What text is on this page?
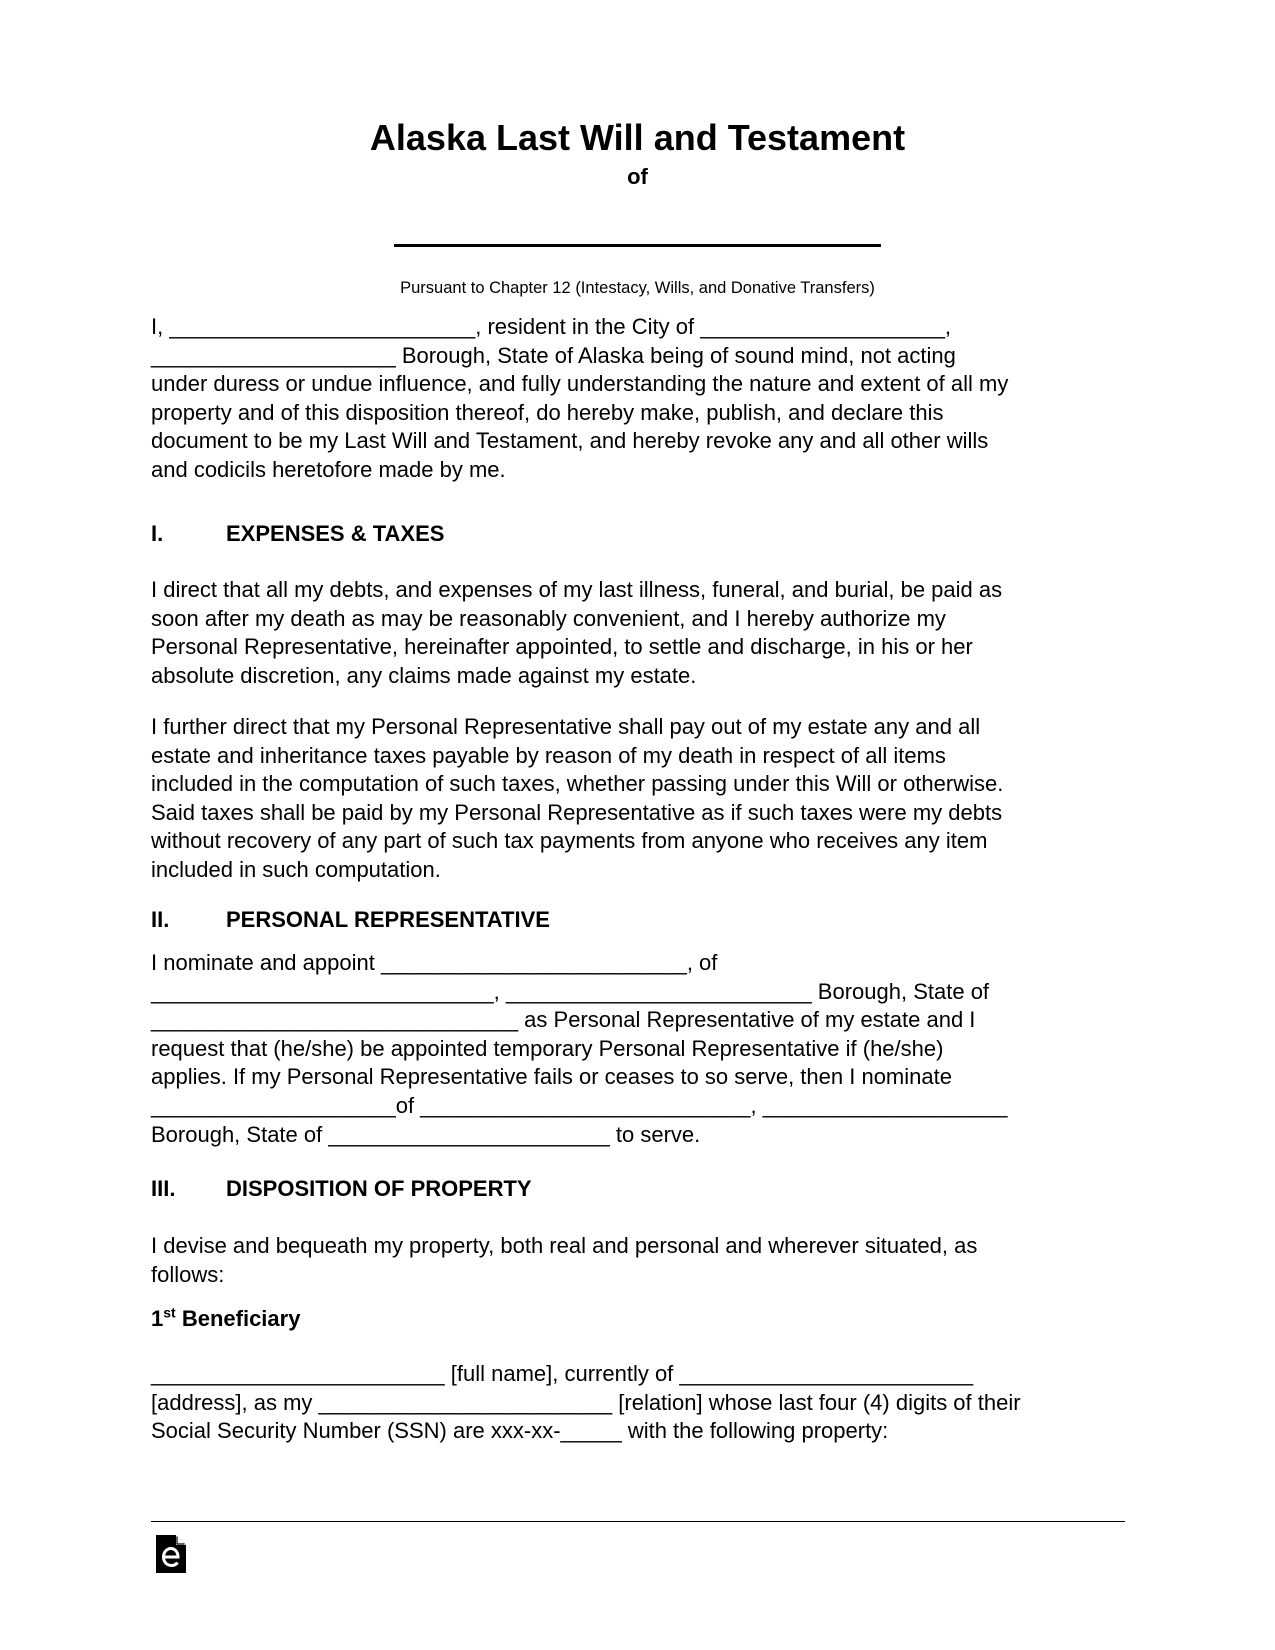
Alaska Last Will and Testament
of
Pursuant to Chapter 12 (Intestacy, Wills, and Donative Transfers)

I, _________________________, resident in the City of ____________________,
____________________ Borough, State of Alaska being of sound mind, not acting
under duress or undue influence, and fully understanding the nature and extent of all my
property and of this disposition thereof, do hereby make, publish, and declare this
document to be my Last Will and Testament, and hereby revoke any and all other wills
and codicils heretofore made by me.

I.	EXPENSES & TAXES

I direct that all my debts, and expenses of my last illness, funeral, and burial, be paid as
soon after my death as may be reasonably convenient, and I hereby authorize my
Personal Representative, hereinafter appointed, to settle and discharge, in his or her
absolute discretion, any claims made against my estate.

I further direct that my Personal Representative shall pay out of my estate any and all
estate and inheritance taxes payable by reason of my death in respect of all items
included in the computation of such taxes, whether passing under this Will or otherwise.
Said taxes shall be paid by my Personal Representative as if such taxes were my debts
without recovery of any part of such tax payments from anyone who receives any item
included in such computation.

II.	PERSONAL REPRESENTATIVE

I nominate and appoint _________________________, of
____________________________, _________________________ Borough, State of
______________________________ as Personal Representative of my estate and I
request that (he/she) be appointed temporary Personal Representative if (he/she)
applies. If my Personal Representative fails or ceases to so serve, then I nominate
____________________of ___________________________, ____________________
Borough, State of _______________________ to serve.

III. DISPOSITION OF PROPERTY

I devise and bequeath my property, both real and personal and wherever situated, as
follows:

1st Beneficiary

________________________ [full name], currently of ________________________
[address], as my ________________________ [relation] whose last four (4) digits of their
Social Security Number (SSN) are xxx-xx-_____ with the following property:
